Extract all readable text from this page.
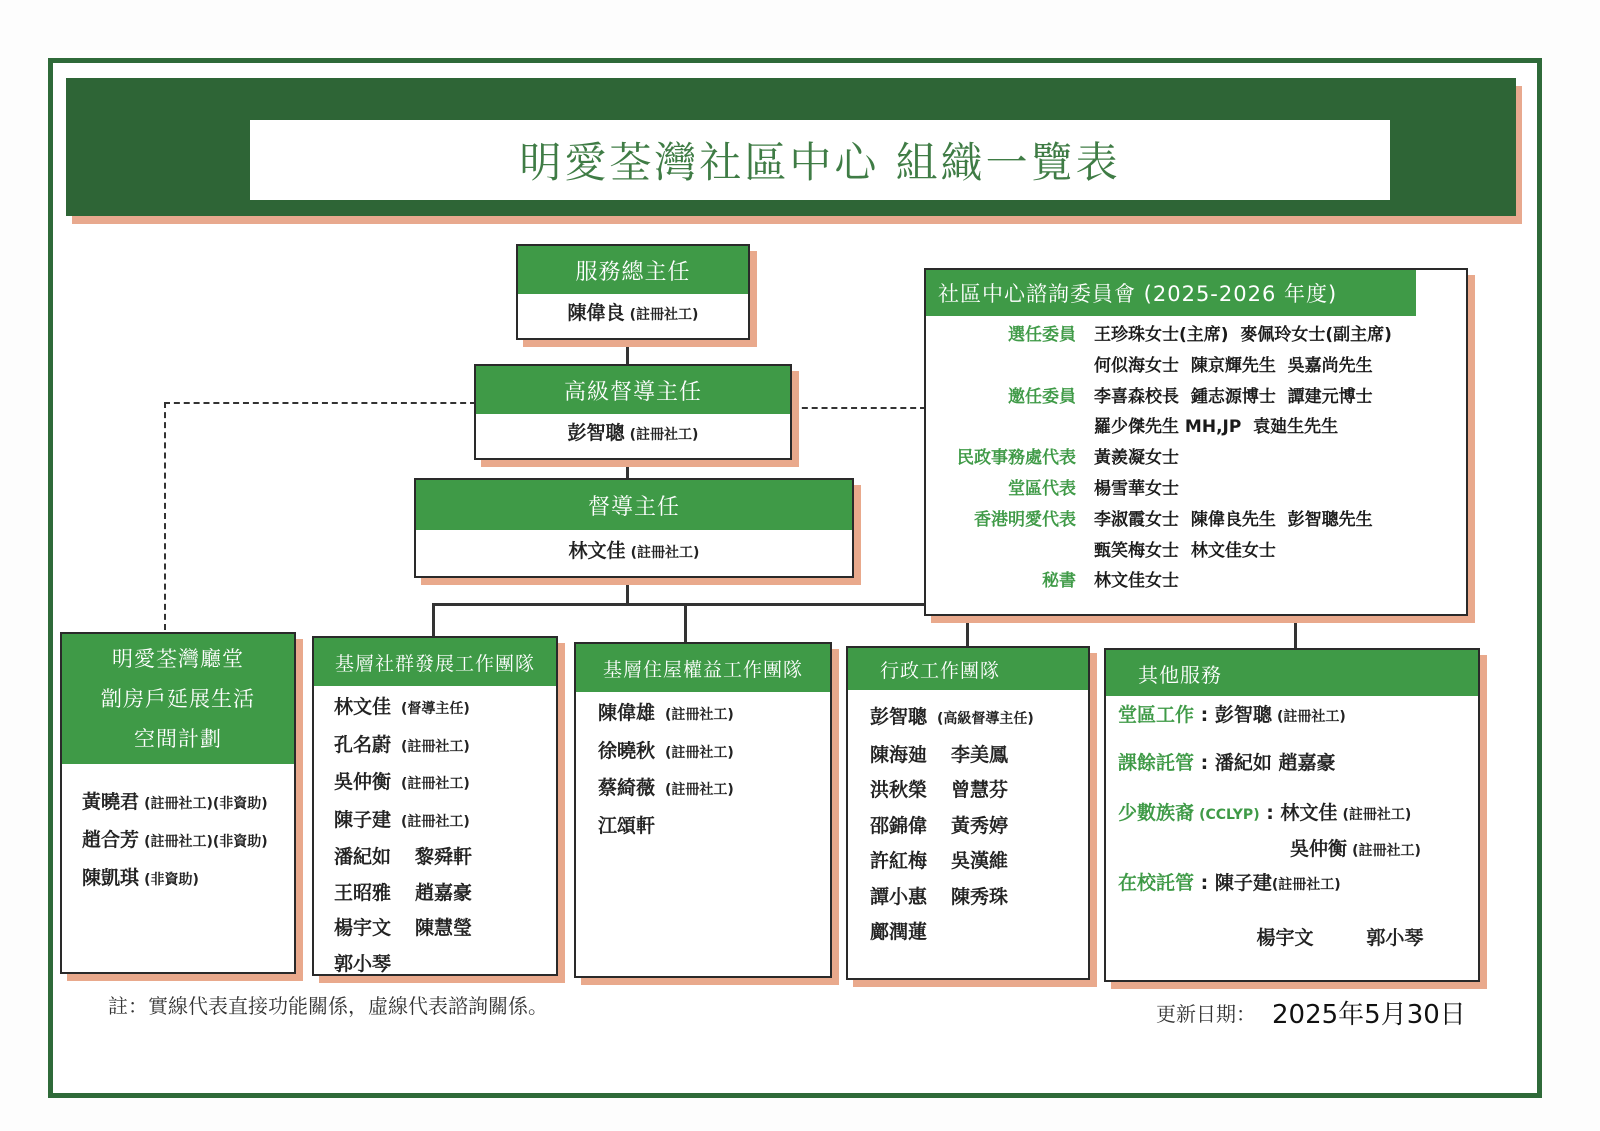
明愛荃灣社區中心 組織一覽表
服務總主任
陳偉良 (註冊社工)
高級督導主任
彭智聰 (註冊社工)
督導主任
林文佳 (註冊社工)
社區中心諮詢委員會 (2025-2026 年度)
選任委員 王珍珠女士(主席)  麥佩玲女士(副主席)
何似海女士  陳京輝先生  吳嘉尚先生
邀任委員 李喜森校長  鍾志源博士  譚建元博士
羅少傑先生 MH,JP  袁廸生先生
民政事務處代表 黃羨凝女士
堂區代表 楊雪華女士
香港明愛代表 李淑霞女士  陳偉良先生  彭智聰先生
甄笑梅女士  林文佳女士
秘書 林文佳女士
明愛荃灣廳堂
劏房戶延展生活
空間計劃
黃曉君 (註冊社工)(非資助)
趙合芳 (註冊社工)(非資助)
陳凱琪 (非資助)
基層社群發展工作團隊
林文佳 (督導主任)
孔名蔚 (註冊社工)
吳仲衡 (註冊社工)
陳子建 (註冊社工)
潘紀如 黎舜軒
王昭雅 趙嘉豪
楊宇文 陳慧瑩
郭小琴
基層住屋權益工作團隊
陳偉雄 (註冊社工)
徐曉秋 (註冊社工)
蔡綺薇 (註冊社工)
江頌軒
行政工作團隊
彭智聰 (高級督導主任)
陳海廸 李美鳳
洪秋榮 曾慧芬
邵錦偉 黃秀婷
許紅梅 吳漢維
譚小惠 陳秀珠
鄺潤蓮
其他服務
堂區工作 : 彭智聰 (註冊社工)
課餘託管 : 潘紀如 趙嘉豪
少數族裔 (CCLYP) : 林文佳 (註冊社工)
吳仲衡 (註冊社工)
在校託管 : 陳子建(註冊社工)

楊宇文        郭小琴

註：實線代表直接功能關係，虛線代表諮詢關係。	更新日期： 2025年5月30日
